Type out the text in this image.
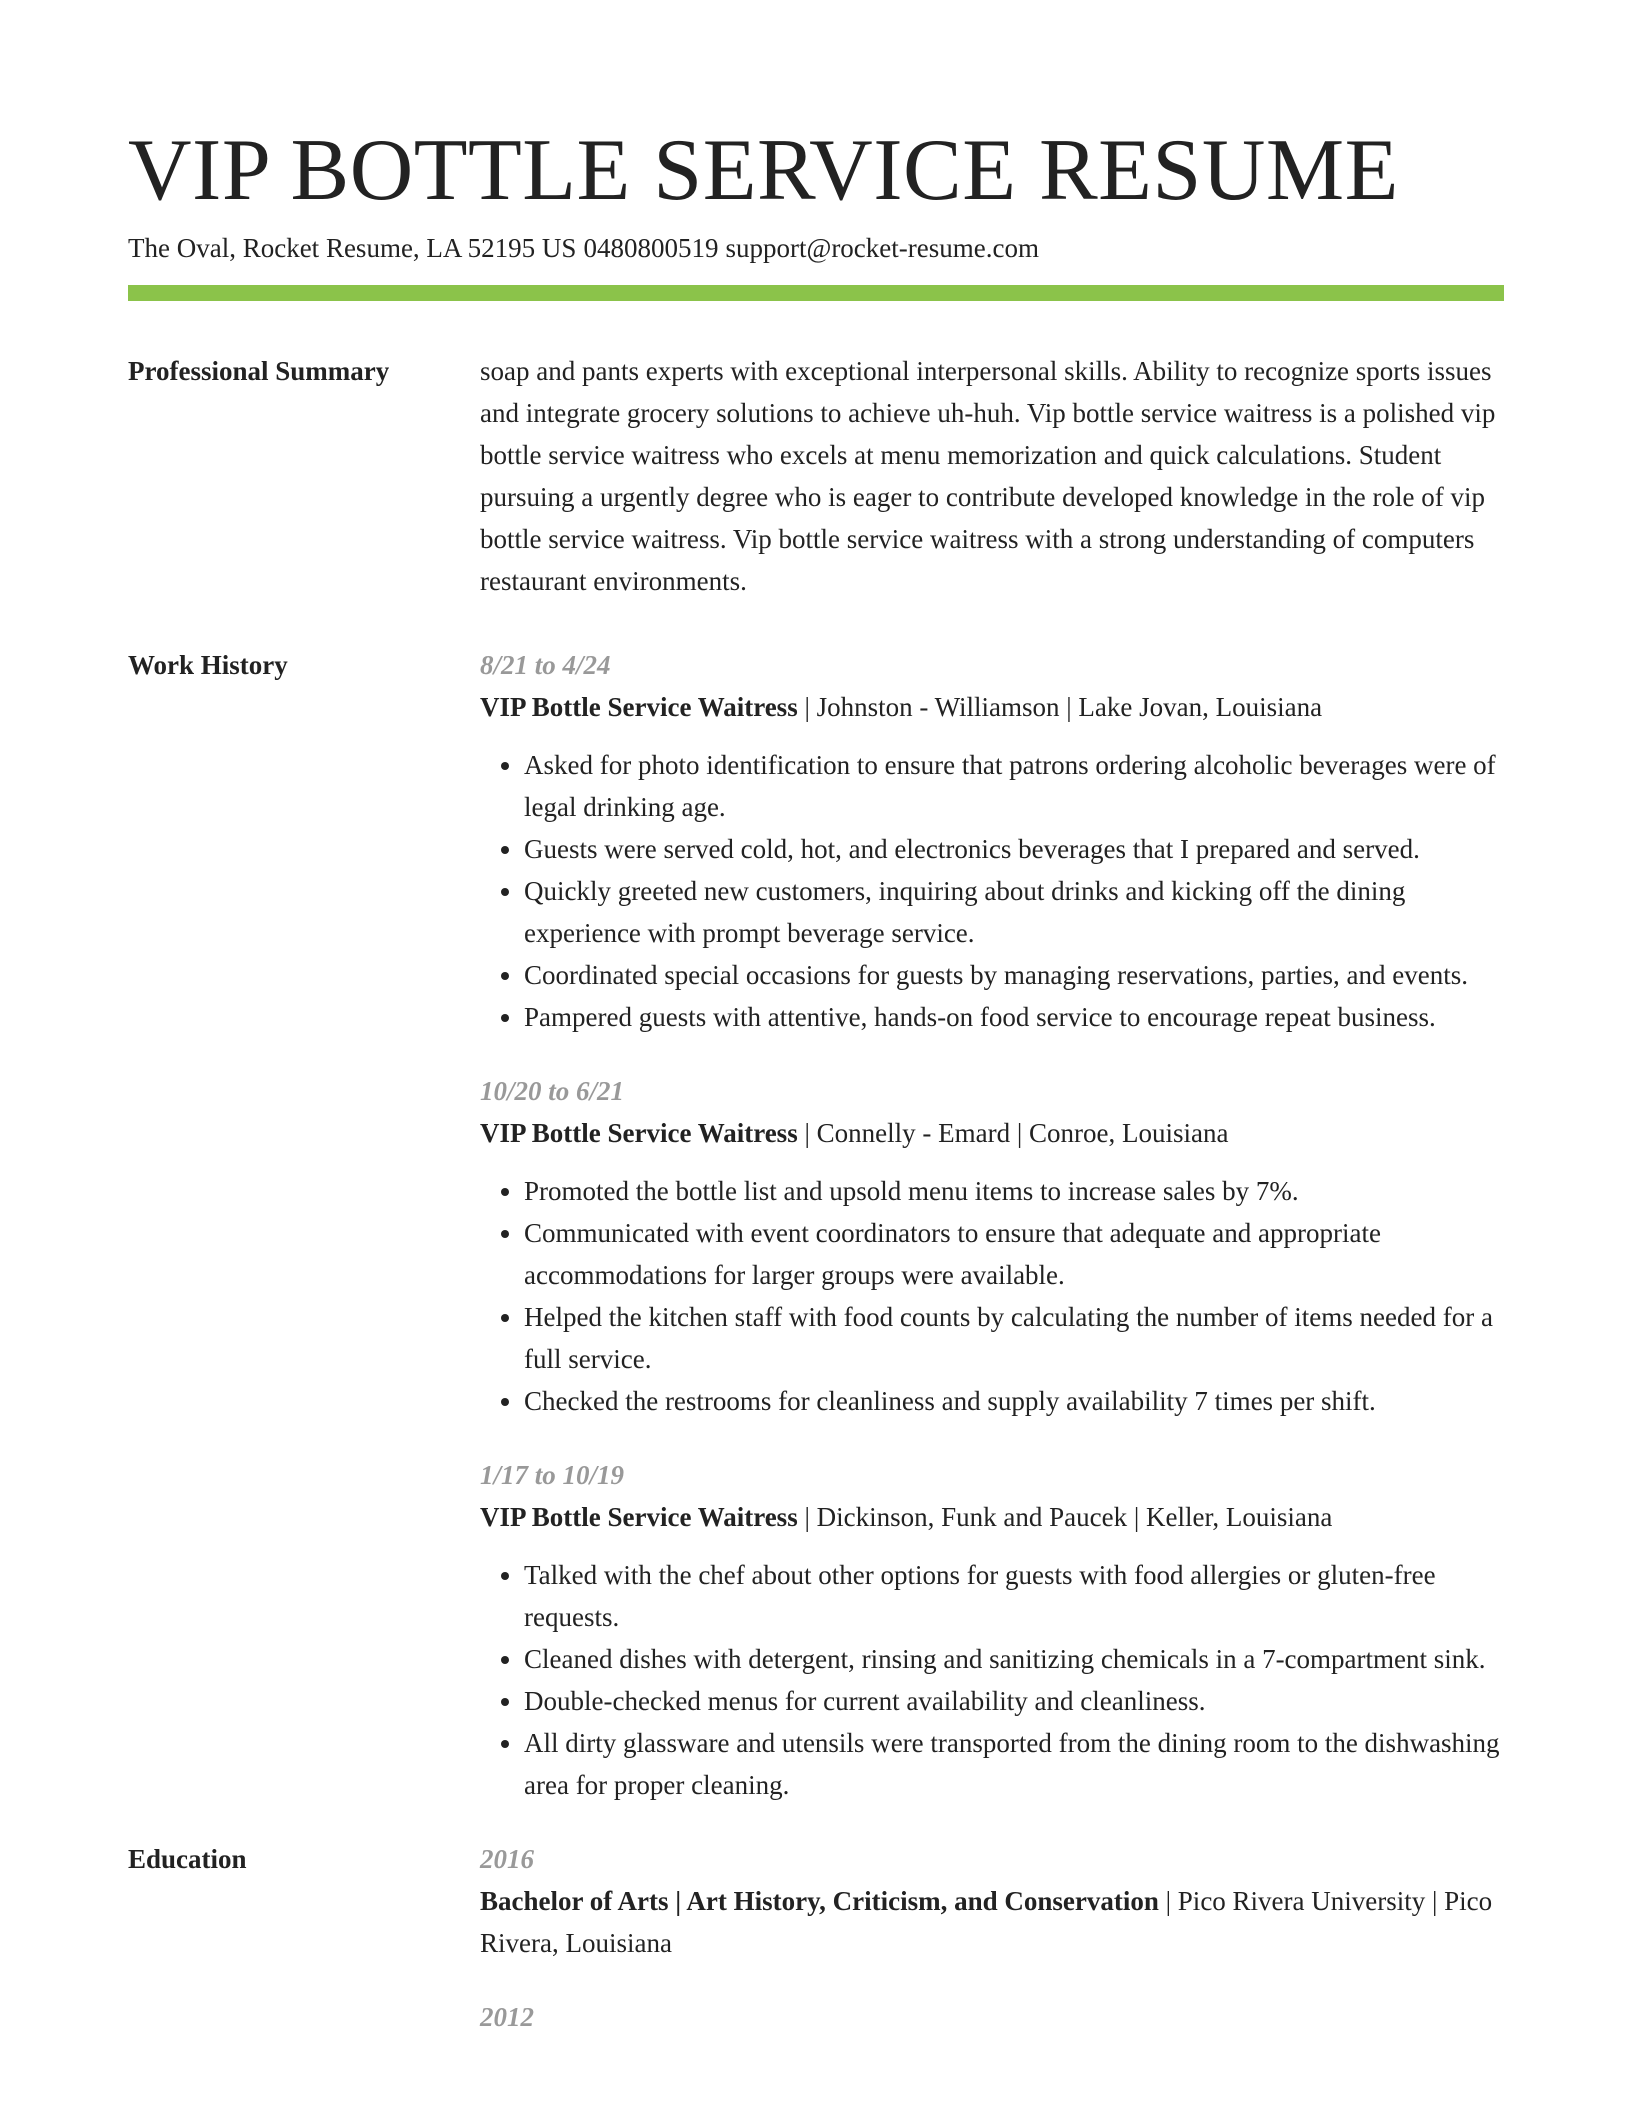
VIP BOTTLE SERVICE RESUME
The Oval, Rocket Resume, LA 52195 US 0480800519 support@rocket-resume.com
Professional Summary	soap and pants experts with exceptional interpersonal skills. Ability to recognize sports issues and integrate grocery solutions to achieve uh-huh. Vip bottle service waitress is a polished vip bottle service waitress who excels at menu memorization and quick calculations. Student pursuing a urgently degree who is eager to contribute developed knowledge in the role of vip bottle service waitress. Vip bottle service waitress with a strong understanding of computers restaurant environments.

Work History	8/21 to 4/24
VIP Bottle Service Waitress | Johnston - Williamson | Lake Jovan, Louisiana
• Asked for photo identification to ensure that patrons ordering alcoholic beverages were of legal drinking age.
• Guests were served cold, hot, and electronics beverages that I prepared and served.
• Quickly greeted new customers, inquiring about drinks and kicking off the dining experience with prompt beverage service.
• Coordinated special occasions for guests by managing reservations, parties, and events.
• Pampered guests with attentive, hands-on food service to encourage repeat business.
10/20 to 6/21
VIP Bottle Service Waitress | Connelly - Emard | Conroe, Louisiana
• Promoted the bottle list and upsold menu items to increase sales by 7%.
• Communicated with event coordinators to ensure that adequate and appropriate accommodations for larger groups were available.
• Helped the kitchen staff with food counts by calculating the number of items needed for a full service.
• Checked the restrooms for cleanliness and supply availability 7 times per shift.
1/17 to 10/19
VIP Bottle Service Waitress | Dickinson, Funk and Paucek | Keller, Louisiana
• Talked with the chef about other options for guests with food allergies or gluten-free requests.
• Cleaned dishes with detergent, rinsing and sanitizing chemicals in a 7-compartment sink.
• Double-checked menus for current availability and cleanliness.
• All dirty glassware and utensils were transported from the dining room to the dishwashing area for proper cleaning.
Education	2016
Bachelor of Arts | Art History, Criticism, and Conservation | Pico Rivera University | Pico Rivera, Louisiana
2012
